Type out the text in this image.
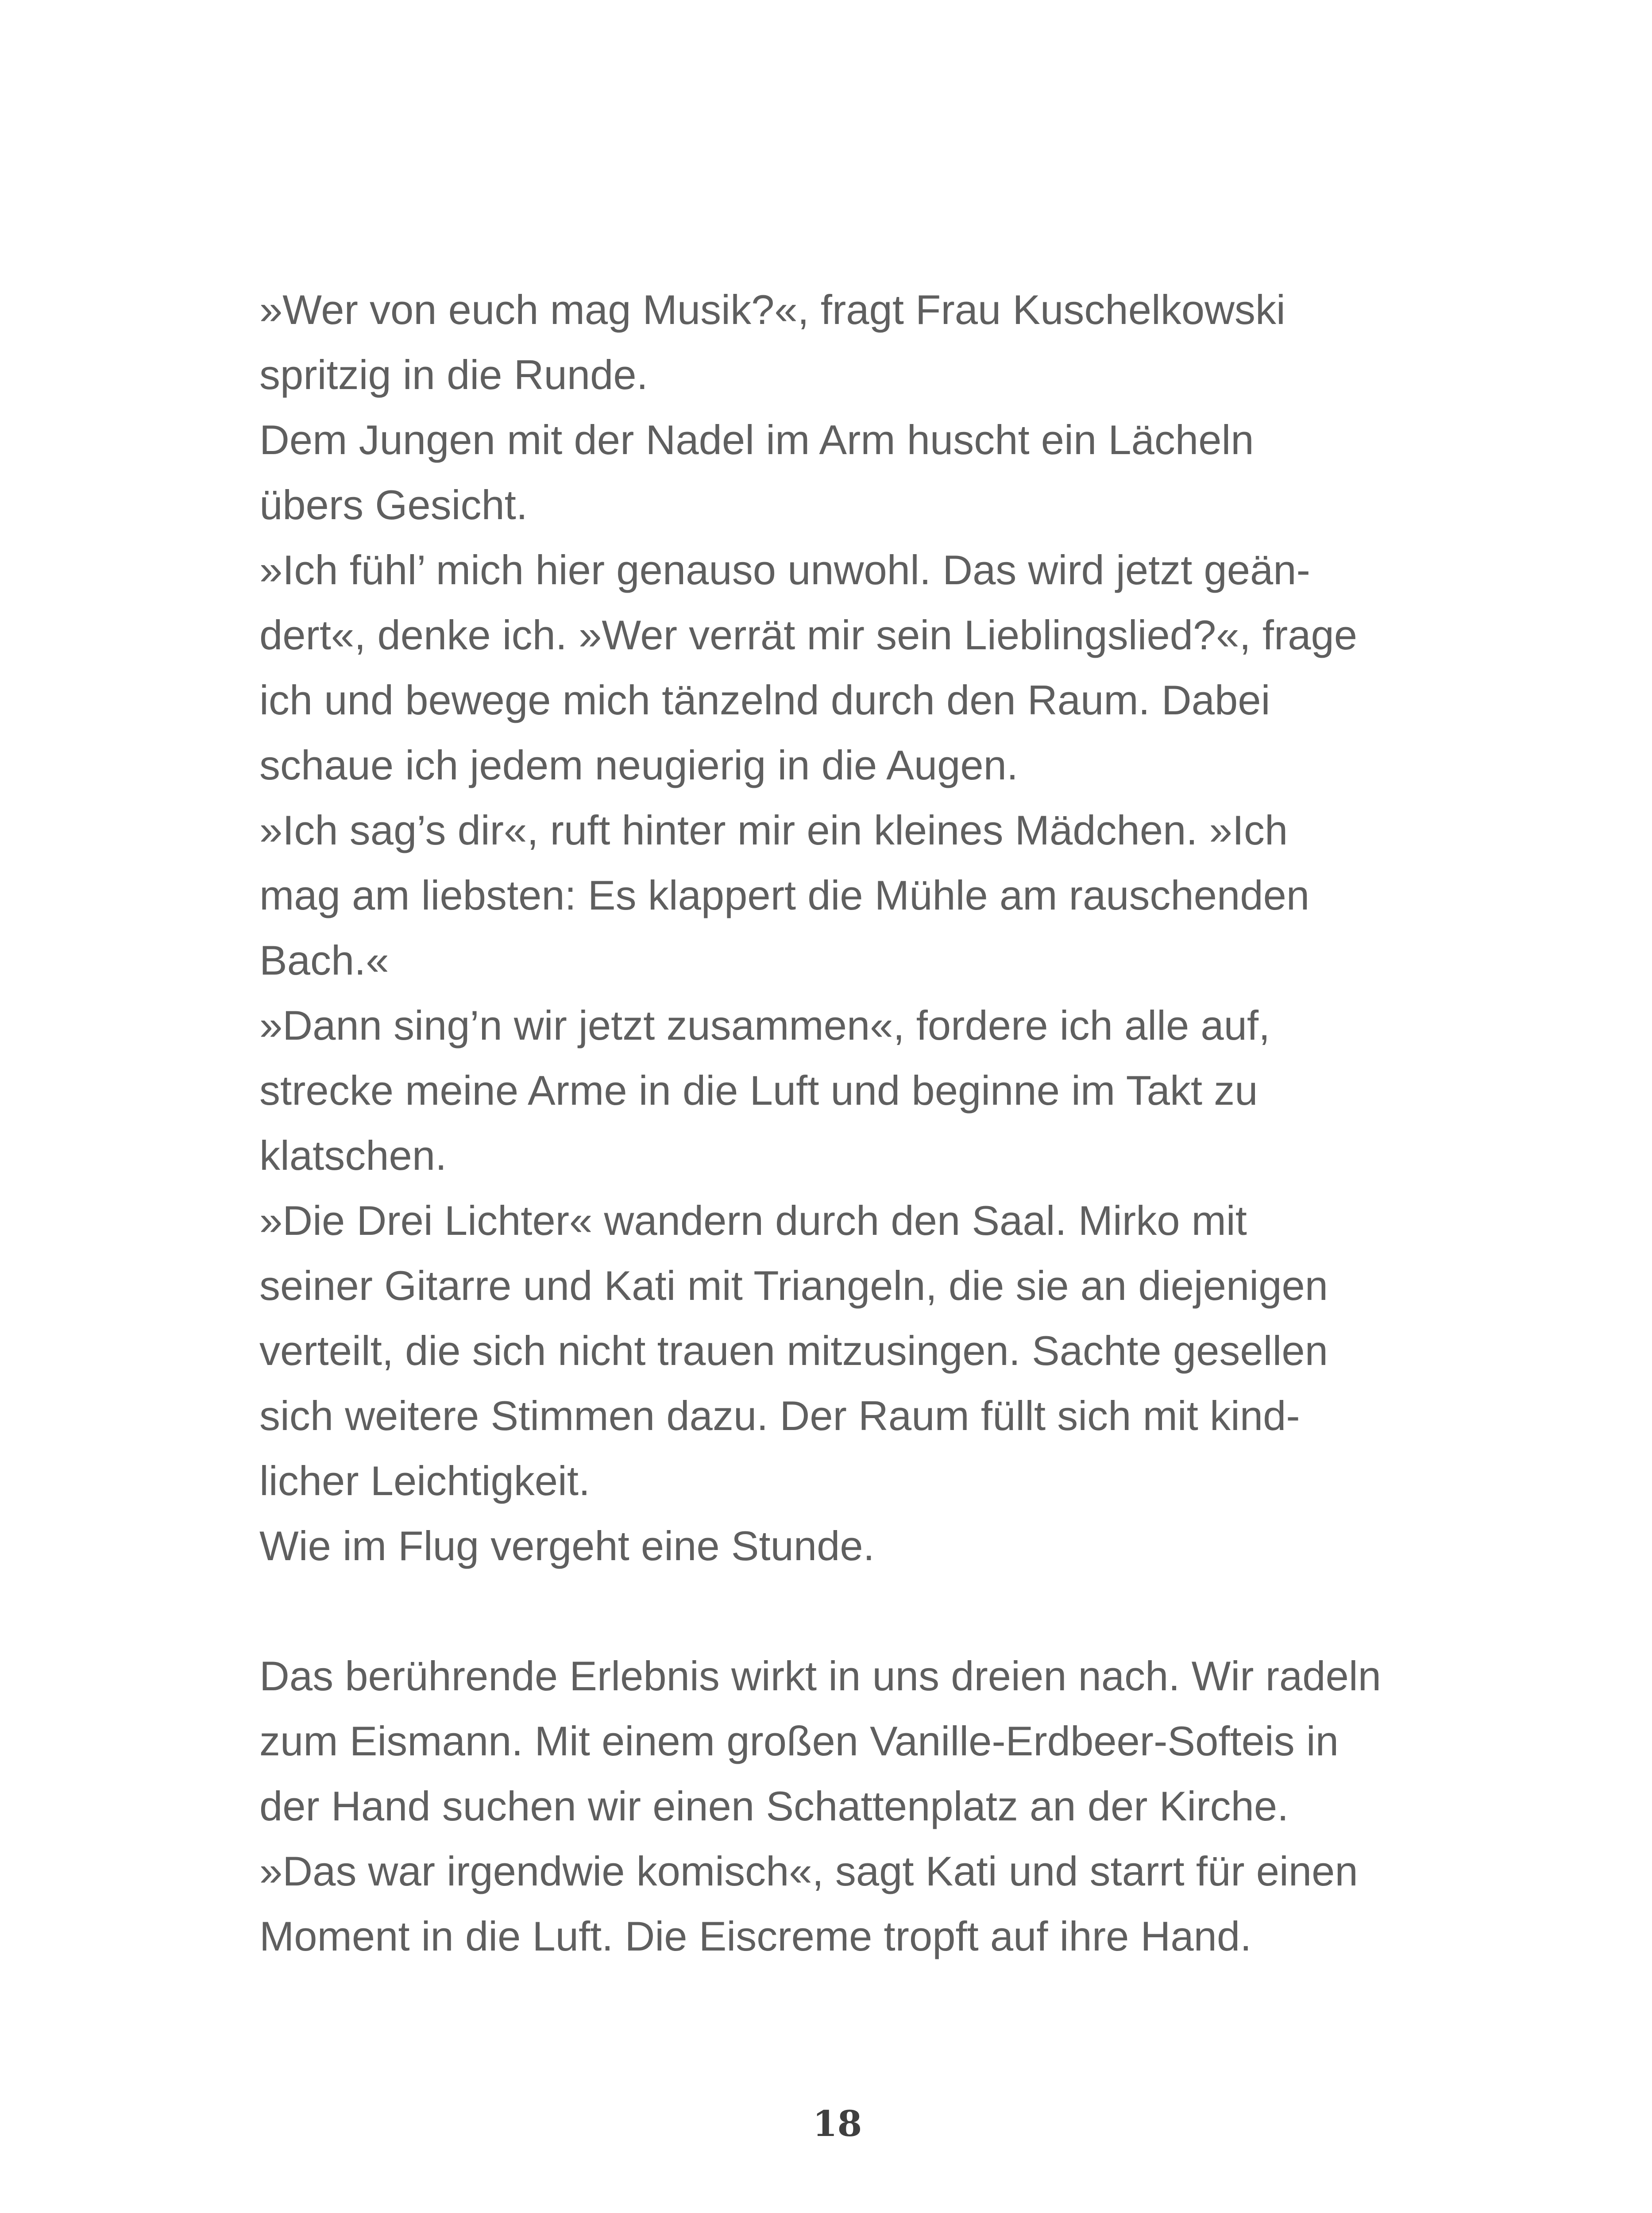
»Wer von euch mag Musik?«, fragt Frau Kuschelkowski
spritzig in die Runde.
Dem Jungen mit der Nadel im Arm huscht ein Lächeln
übers Gesicht.
»Ich fühl’ mich hier genauso unwohl. Das wird jetzt geän-
dert«, denke ich. »Wer verrät mir sein Lieblingslied?«, frage
ich und bewege mich tänzelnd durch den Raum. Dabei
schaue ich jedem neugierig in die Augen.
»Ich sag’s dir«, ruft hinter mir ein kleines Mädchen. »Ich
mag am liebsten: Es klappert die Mühle am rauschenden
Bach.«
»Dann sing’n wir jetzt zusammen«, fordere ich alle auf,
strecke meine Arme in die Luft und beginne im Takt zu
klatschen.
»Die Drei Lichter« wandern durch den Saal. Mirko mit
seiner Gitarre und Kati mit Triangeln, die sie an diejenigen
verteilt, die sich nicht trauen mitzusingen. Sachte gesellen
sich weitere Stimmen dazu. Der Raum füllt sich mit kind-
licher Leichtigkeit.
Wie im Flug vergeht eine Stunde.
Das berührende Erlebnis wirkt in uns dreien nach. Wir radeln
zum Eismann. Mit einem großen Vanille-Erdbeer-Softeis in
der Hand suchen wir einen Schattenplatz an der Kirche.
»Das war irgendwie komisch«, sagt Kati und starrt für einen
Moment in die Luft. Die Eiscreme tropft auf ihre Hand.
18
